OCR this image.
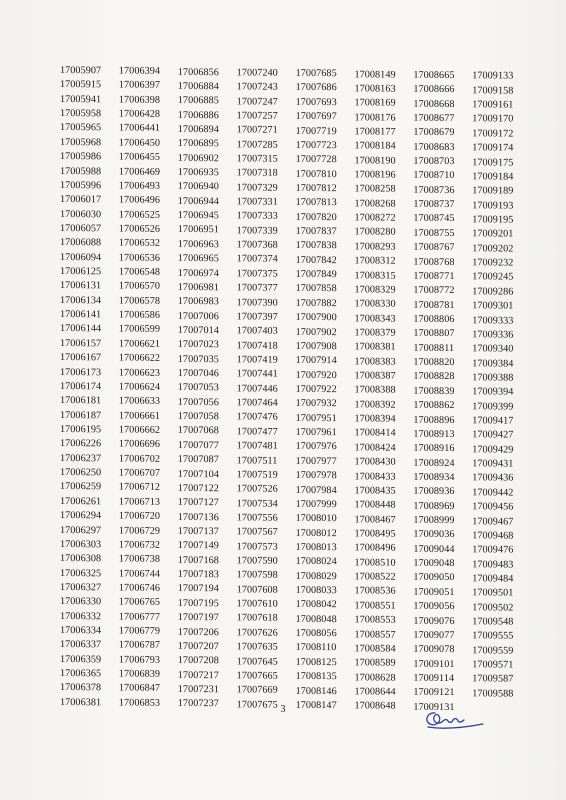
17005907
17005915
17005941
17005958
17005965
17005968
17005986
17005988
17005996
17006017
17006030
17006057
17006088
17006094
17006125
17006131
17006134
17006141
17006144
17006157
17006167
17006173
17006174
17006181
17006187
17006195
17006226
17006237
17006250
17006259
17006261
17006294
17006297
17006303
17006308
17006325
17006327
17006330
17006332
17006334
17006337
17006359
17006365
17006378
17006381
17006394
17006397
17006398
17006428
17006441
17006450
17006455
17006469
17006493
17006496
17006525
17006526
17006532
17006536
17006548
17006570
17006578
17006586
17006599
17006621
17006622
17006623
17006624
17006633
17006661
17006662
17006696
17006702
17006707
17006712
17006713
17006720
17006729
17006732
17006738
17006744
17006746
17006765
17006777
17006779
17006787
17006793
17006839
17006847
17006853
17006856
17006884
17006885
17006886
17006894
17006895
17006902
17006935
17006940
17006944
17006945
17006951
17006963
17006965
17006974
17006981
17006983
17007006
17007014
17007023
17007035
17007046
17007053
17007056
17007058
17007068
17007077
17007087
17007104
17007122
17007127
17007136
17007137
17007149
17007168
17007183
17007194
17007195
17007197
17007206
17007207
17007208
17007217
17007231
17007237
17007240
17007243
17007247
17007257
17007271
17007285
17007315
17007318
17007329
17007331
17007333
17007339
17007368
17007374
17007375
17007377
17007390
17007397
17007403
17007418
17007419
17007441
17007446
17007464
17007476
17007477
17007481
17007511
17007519
17007526
17007534
17007556
17007567
17007573
17007590
17007598
17007608
17007610
17007618
17007626
17007635
17007645
17007665
17007669
17007675
17007685
17007686
17007693
17007697
17007719
17007723
17007728
17007810
17007812
17007813
17007820
17007837
17007838
17007842
17007849
17007858
17007882
17007900
17007902
17007908
17007914
17007920
17007922
17007932
17007951
17007961
17007976
17007977
17007978
17007984
17007999
17008010
17008012
17008013
17008024
17008029
17008033
17008042
17008048
17008056
17008110
17008125
17008135
17008146
17008147
17008149
17008163
17008169
17008176
17008177
17008184
17008190
17008196
17008258
17008268
17008272
17008280
17008293
17008312
17008315
17008329
17008330
17008343
17008379
17008381
17008383
17008387
17008388
17008392
17008394
17008414
17008424
17008430
17008433
17008435
17008448
17008467
17008495
17008496
17008510
17008522
17008536
17008551
17008553
17008557
17008584
17008589
17008628
17008644
17008648
17008665
17008666
17008668
17008677
17008679
17008683
17008703
17008710
17008736
17008737
17008745
17008755
17008767
17008768
17008771
17008772
17008781
17008806
17008807
17008811
17008820
17008828
17008839
17008862
17008896
17008913
17008916
17008924
17008934
17008936
17008969
17008999
17009036
17009044
17009048
17009050
17009051
17009056
17009076
17009077
17009078
17009101
17009114
17009121
17009131
17009133
17009158
17009161
17009170
17009172
17009174
17009175
17009184
17009189
17009193
17009195
17009201
17009202
17009232
17009245
17009286
17009301
17009333
17009336
17009340
17009384
17009388
17009394
17009399
17009417
17009427
17009429
17009431
17009436
17009442
17009456
17009467
17009468
17009476
17009483
17009484
17009501
17009502
17009548
17009555
17009559
17009571
17009587
17009588
3
